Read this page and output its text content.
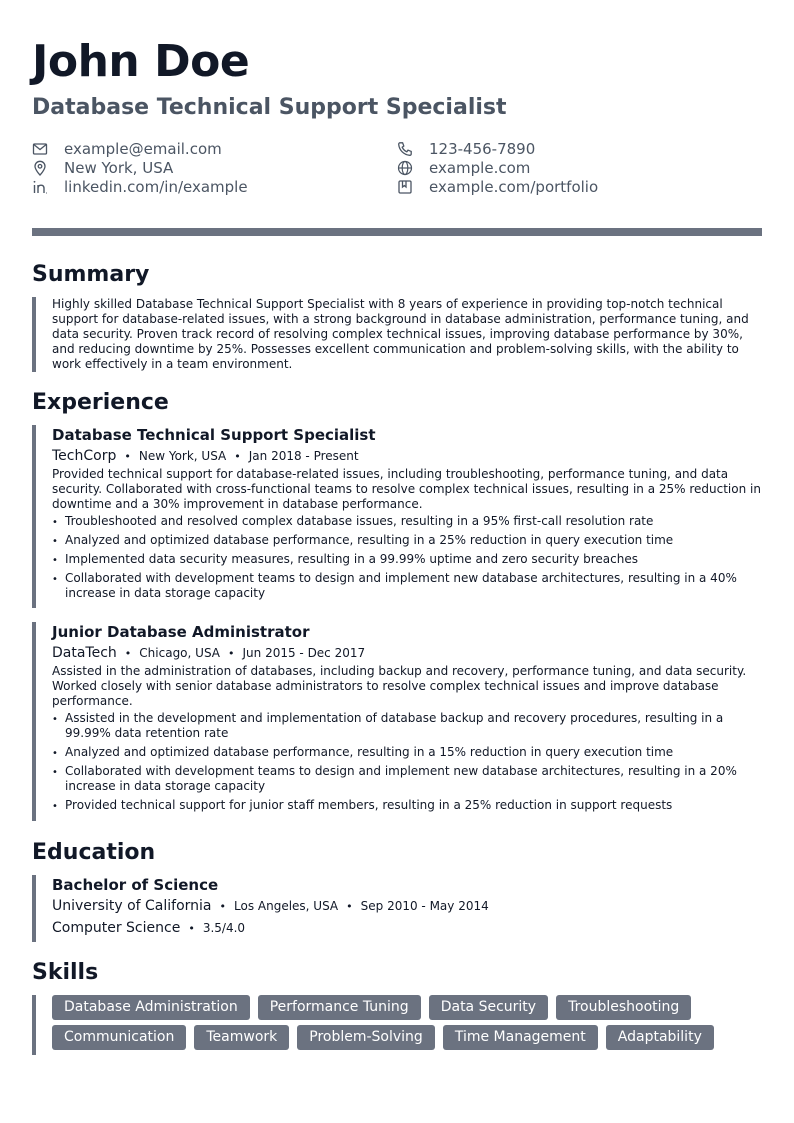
John Doe
Database Technical Support Specialist
example@email.com	123-456-7890
New York, USA	example.com
linkedin.com/in/example	example.com/portfolio
Summary

Highly skilled Database Technical Support Specialist with 8 years of experience in providing top-notch technical support for database-related issues, with a strong background in database administration, performance tuning, and data security. Proven track record of resolving complex technical issues, improving database performance by 30%, and reducing downtime by 25%. Possesses excellent communication and problem-solving skills, with the ability to work effectively in a team environment.

Experience
Database Technical Support Specialist
TechCorp • New York, USA • Jan 2018 - Present

Provided technical support for database-related issues, including troubleshooting, performance tuning, and data security. Collaborated with cross-functional teams to resolve complex technical issues, resulting in a 25% reduction in downtime and a 30% improvement in database performance.

• Troubleshooted and resolved complex database issues, resulting in a 95% first-call resolution rate
• Analyzed and optimized database performance, resulting in a 25% reduction in query execution time
• Implemented data security measures, resulting in a 99.99% uptime and zero security breaches
• Collaborated with development teams to design and implement new database architectures, resulting in a 40% increase in data storage capacity
Junior Database Administrator
DataTech • Chicago, USA • Jun 2015 - Dec 2017

Assisted in the administration of databases, including backup and recovery, performance tuning, and data security. Worked closely with senior database administrators to resolve complex technical issues and improve database performance.

• Assisted in the development and implementation of database backup and recovery procedures, resulting in a 99.99% data retention rate
• Analyzed and optimized database performance, resulting in a 15% reduction in query execution time
• Collaborated with development teams to design and implement new database architectures, resulting in a 20% increase in data storage capacity
• Provided technical support for junior staff members, resulting in a 25% reduction in support requests
Education
Bachelor of Science
University of California • Los Angeles, USA • Sep 2010 - May 2014
Computer Science • 3.5/4.0
Skills
Database Administration	Performance Tuning	Data Security	Troubleshooting
Communication	Teamwork	Problem-Solving	Time Management	Adaptability
